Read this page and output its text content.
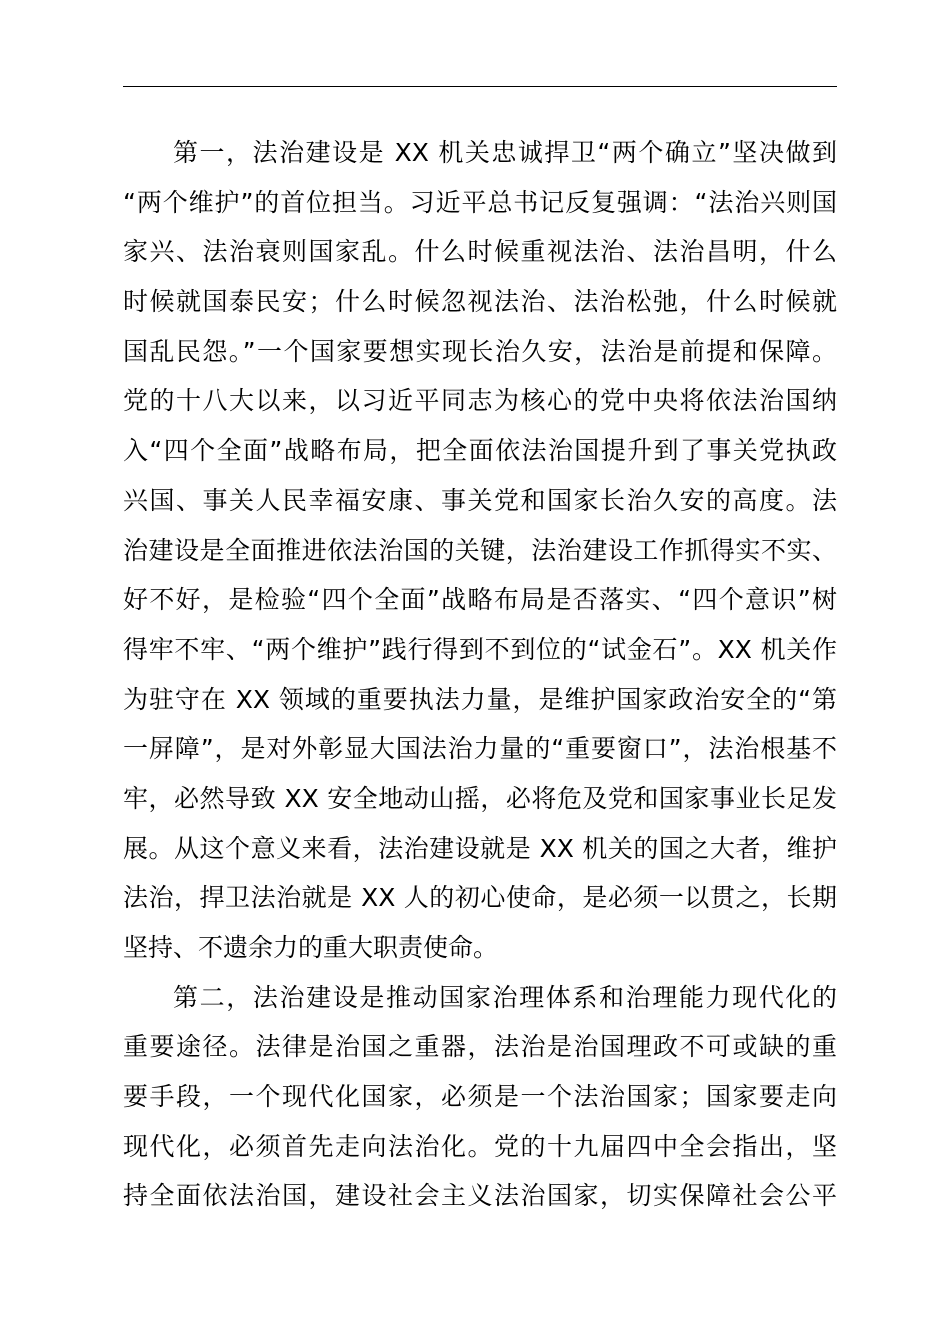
第一，法治建设是 XX 机关忠诚捍卫“两个确立”坚决做到
“两个维护”的首位担当。习近平总书记反复强调：“法治兴则国
家兴、法治衰则国家乱。什么时候重视法治、法治昌明，什么
时候就国泰民安；什么时候忽视法治、法治松弛，什么时候就
国乱民怨。”一个国家要想实现长治久安，法治是前提和保障。
党的十八大以来，以习近平同志为核心的党中央将依法治国纳
入“四个全面”战略布局，把全面依法治国提升到了事关党执政
兴国、事关人民幸福安康、事关党和国家长治久安的高度。法
治建设是全面推进依法治国的关键，法治建设工作抓得实不实、
好不好，是检验“四个全面”战略布局是否落实、“四个意识”树
得牢不牢、“两个维护”践行得到不到位的“试金石”。XX 机关作
为驻守在 XX 领域的重要执法力量，是维护国家政治安全的“第
一屏障”，是对外彰显大国法治力量的“重要窗口”，法治根基不
牢，必然导致 XX 安全地动山摇，必将危及党和国家事业长足发
展。从这个意义来看，法治建设就是 XX 机关的国之大者，维护
法治，捍卫法治就是 XX 人的初心使命，是必须一以贯之，长期
坚持、不遗余力的重大职责使命。
第二，法治建设是推动国家治理体系和治理能力现代化的
重要途径。法律是治国之重器，法治是治国理政不可或缺的重
要手段，一个现代化国家，必须是一个法治国家；国家要走向
现代化，必须首先走向法治化。党的十九届四中全会指出，坚
持全面依法治国，建设社会主义法治国家，切实保障社会公平
